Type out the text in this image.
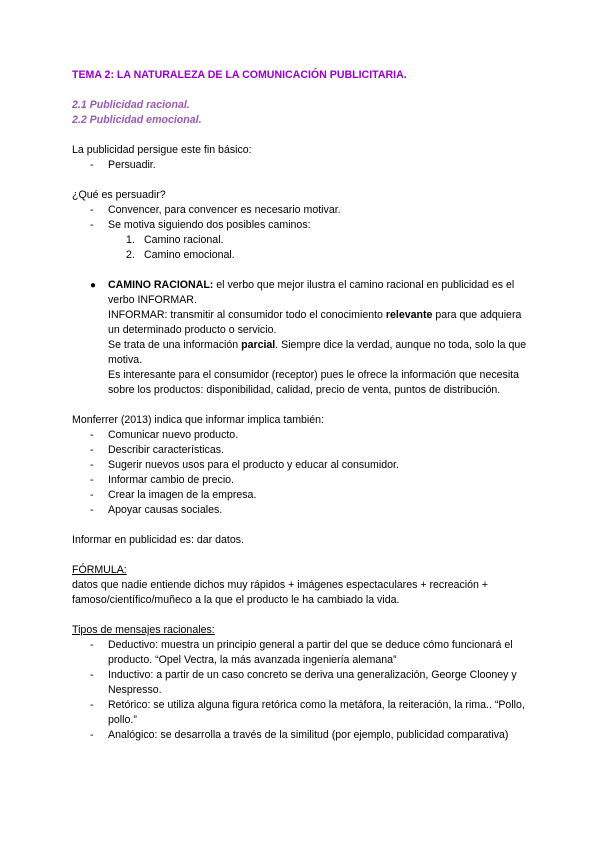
TEMA 2: LA NATURALEZA DE LA COMUNICACIÓN PUBLICITARIA.

2.1 Publicidad racional.

2.2 Publicidad emocional.

La publicidad persigue este fin básico:

- Persuadir.

¿Qué es persuadir?

- Convencer, para convencer es necesario motivar.
- Se motiva siguiendo dos posibles caminos:
1. Camino racional.
2. Camino emocional.
● CAMINO RACIONAL: el verbo que mejor ilustra el camino racional en publicidad es el verbo INFORMAR.
INFORMAR: transmitir al consumidor todo el conocimiento relevante para que adquiera un determinado producto o servicio.
Se trata de una información parcial. Siempre dice la verdad, aunque no toda, solo la que motiva.
Es interesante para el consumidor (receptor) pues le ofrece la información que necesita sobre los productos: disponibilidad, calidad, precio de venta, puntos de distribución.

Monferrer (2013) indica que informar implica también:

- Comunicar nuevo producto.
- Describir características.
- Sugerir nuevos usos para el producto y educar al consumidor.
- Informar cambio de precio.
- Crear la imagen de la empresa.
- Apoyar causas sociales.

Informar en publicidad es: dar datos.

FÓRMULA:

datos que nadie entiende dichos muy rápidos + imágenes espectaculares + recreación + famoso/científico/muñeco a la que el producto le ha cambiado la vida.

Tipos de mensajes racionales:

- Deductivo: muestra un principio general a partir del que se deduce cómo funcionará el producto. “Opel Vectra, la más avanzada ingeniería alemana”
- Inductivo: a partir de un caso concreto se deriva una generalización, George Clooney y Nespresso.
- Retórico: se utiliza alguna figura retórica como la metáfora, la reiteración, la rima.. “Pollo, pollo.”
- Analógico: se desarrolla a través de la similitud (por ejemplo, publicidad comparativa)
